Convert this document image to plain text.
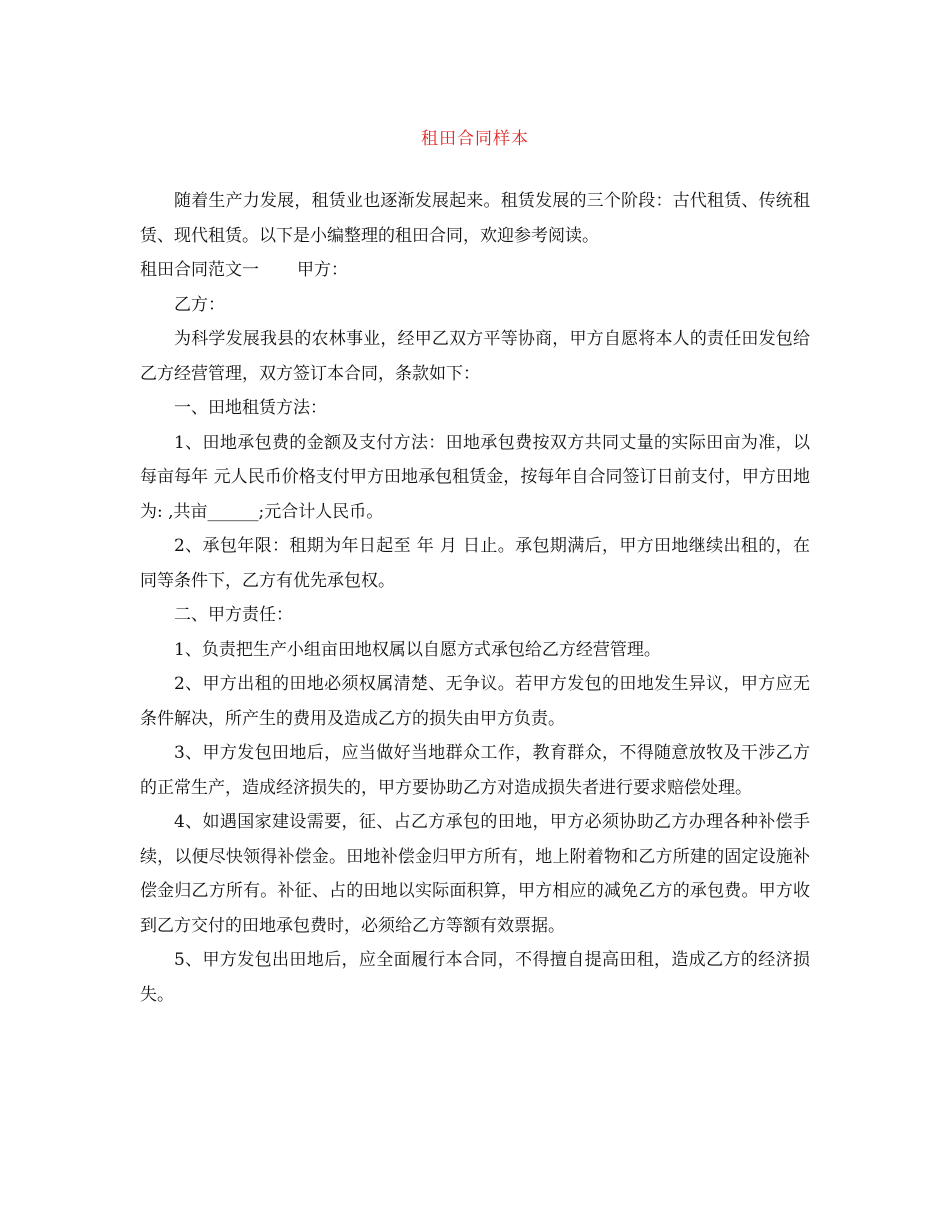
租田合同样本

随着生产力发展，租赁业也逐渐发展起来。租赁发展的三个阶段：古代租赁、传统租赁、现代租赁。以下是小编整理的租田合同，欢迎参考阅读。

租田合同范文一 甲方：

乙方：

为科学发展我县的农林事业，经甲乙双方平等协商，甲方自愿将本人的责任田发包给乙方经营管理，双方签订本合同，条款如下：

一、田地租赁方法：

1、田地承包费的金额及支付方法：田地承包费按双方共同丈量的实际田亩为准，以每亩每年 元人民币价格支付甲方田地承包租赁金，按每年自合同签订日前支付，甲方田地为: ,共亩______;元合计人民币。

2、承包年限：租期为年日起至 年 月 日止。承包期满后，甲方田地继续出租的，在同等条件下，乙方有优先承包权。

二、甲方责任：

1、负责把生产小组亩田地权属以自愿方式承包给乙方经营管理。

2、甲方出租的田地必须权属清楚、无争议。若甲方发包的田地发生异议，甲方应无条件解决，所产生的费用及造成乙方的损失由甲方负责。

3、甲方发包田地后，应当做好当地群众工作，教育群众，不得随意放牧及干涉乙方的正常生产，造成经济损失的，甲方要协助乙方对造成损失者进行要求赔偿处理。

4、如遇国家建设需要，征、占乙方承包的田地，甲方必须协助乙方办理各种补偿手续，以便尽快领得补偿金。田地补偿金归甲方所有，地上附着物和乙方所建的固定设施补偿金归乙方所有。补征、占的田地以实际面积算，甲方相应的减免乙方的承包费。甲方收到乙方交付的田地承包费时，必须给乙方等额有效票据。

5、甲方发包出田地后，应全面履行本合同，不得擅自提高田租，造成乙方的经济损失。
